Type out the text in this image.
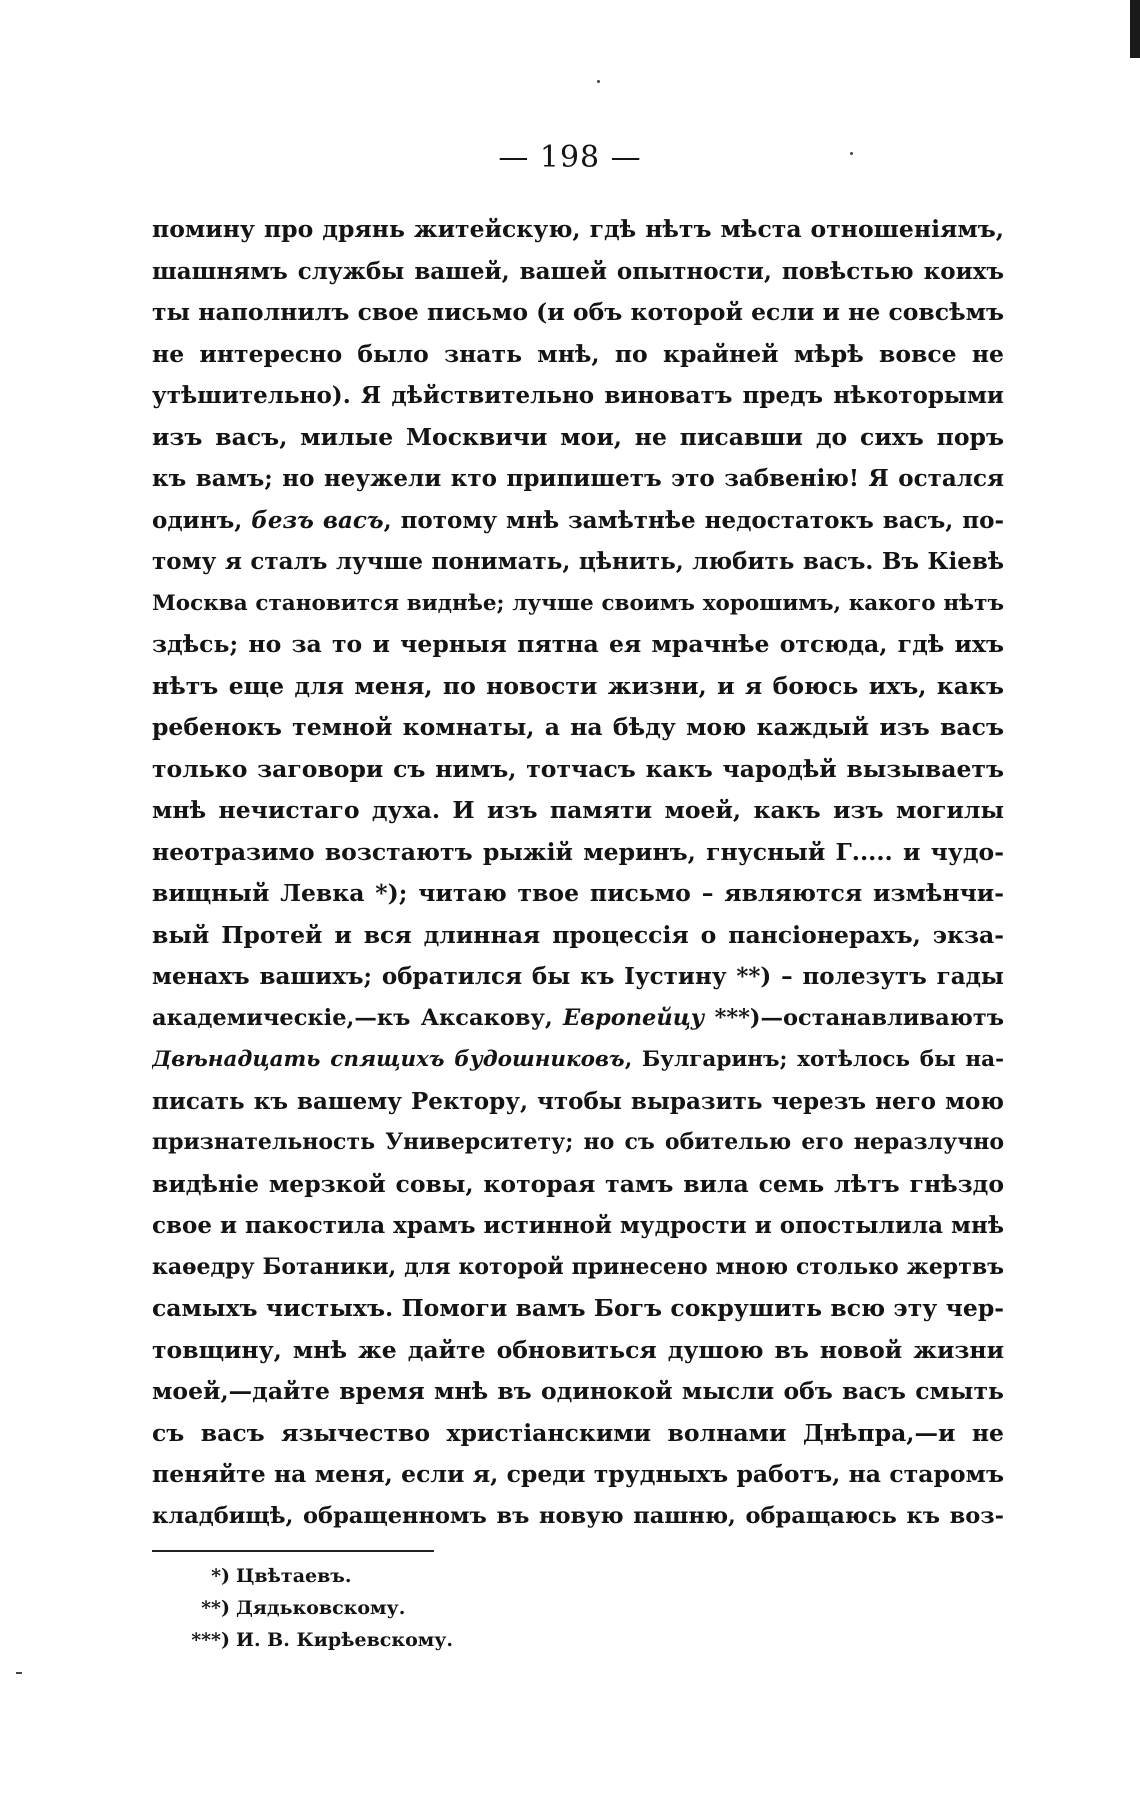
— 198 —
помину про дрянь житейскую, гдѣ нѣтъ мѣста отношеніямъ,
шашнямъ службы вашей, вашей опытности, повѣстью коихъ
ты наполнилъ свое письмо (и объ которой если и не совсѣмъ
не интересно было знать мнѣ, по крайней мѣрѣ вовсе не
утѣшительно). Я дѣйствительно виноватъ предъ нѣкоторыми
изъ васъ, милые Москвичи мои, не писавши до сихъ поръ
къ вамъ; но неужели кто припишетъ это забвенію! Я остался
одинъ, безъ васъ, потому мнѣ замѣтнѣе недостатокъ васъ, по-
тому я сталъ лучше понимать, цѣнить, любить васъ. Въ Кіевѣ
Москва становится виднѣе; лучше своимъ хорошимъ, какого нѣтъ
здѣсь; но за то и черныя пятна ея мрачнѣе отсюда, гдѣ ихъ
нѣтъ еще для меня, по новости жизни, и я боюсь ихъ, какъ
ребенокъ темной комнаты, а на бѣду мою каждый изъ васъ
только заговори съ нимъ, тотчасъ какъ чародѣй вызываетъ
мнѣ нечистаго духа. И изъ памяти моей, какъ изъ могилы
неотразимо возстаютъ рыжій меринъ, гнусный Г..... и чудо-
вищный Левка *); читаю твое письмо – являются измѣнчи-
вый Протей и вся длинная процессія о пансіонерахъ, экза-
менахъ вашихъ; обратился бы къ Іустину **) – полезутъ гады
академическіе,—къ Аксакову, Европейцу ***)—останавливаютъ
Двѣнадцать спящихъ будошниковъ, Булгаринъ; хотѣлось бы на-
писать къ вашему Ректору, чтобы выразить черезъ него мою
признательность Университету; но съ обителью его неразлучно
видѣніе мерзкой совы, которая тамъ вила семь лѣтъ гнѣздо
свое и пакостила храмъ истинной мудрости и опостылила мнѣ
каѳедру Ботаники, для которой принесено мною столько жертвъ
самыхъ чистыхъ. Помоги вамъ Богъ сокрушить всю эту чер-
товщину, мнѣ же дайте обновиться душою въ новой жизни
моей,—дайте время мнѣ въ одинокой мысли объ васъ смыть
съ васъ язычество христіанскими волнами Днѣпра,—и не
пеняйте на меня, если я, среди трудныхъ работъ, на старомъ
кладбищѣ, обращенномъ въ новую пашню, обращаюсь къ воз-
*) Цвѣтаевъ.
**) Дядьковскому.
***) И. В. Кирѣевскому.
